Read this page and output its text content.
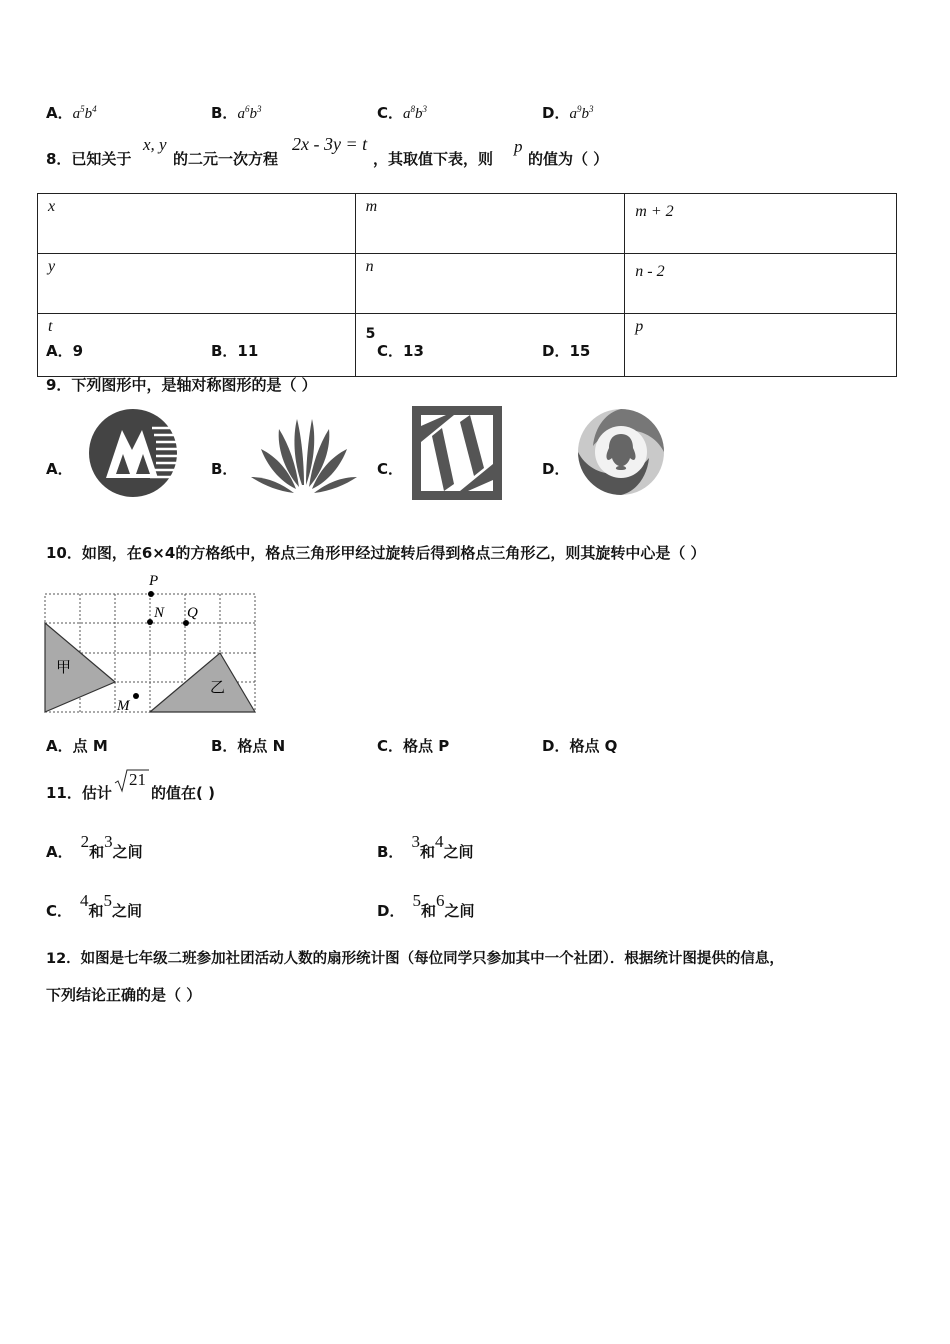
A．$a^5b^4$	B．$a^6b^3$	C．$a^8b^3$	D．$a^9b^3$
8．已知关于
x, y
的二元一次方程
2x - 3y = t
，其取值下表，则
p
的值为（ ）
x	m	m + 2
y	n	n - 2
t	5	p
A．9	B．11	C．13	D．15
9．下列图形中，是轴对称图形的是（ ）
A．	B．	C．	D．
10．如图，在6×4的方格纸中，格点三角形甲经过旋转后得到格点三角形乙，则其旋转中心是（ ）
P
N Q
M
甲
乙
A．点 M	B．格点 N	C．格点 P	D．格点 Q
11．估计
21
的值在( )
A．2和3之间	B．3和4之间
C．4和5之间	D．5和6之间
12．如图是七年级二班参加社团活动人数的扇形统计图（每位同学只参加其中一个社团）．根据统计图提供的信息，
下列结论正确的是（ ）
